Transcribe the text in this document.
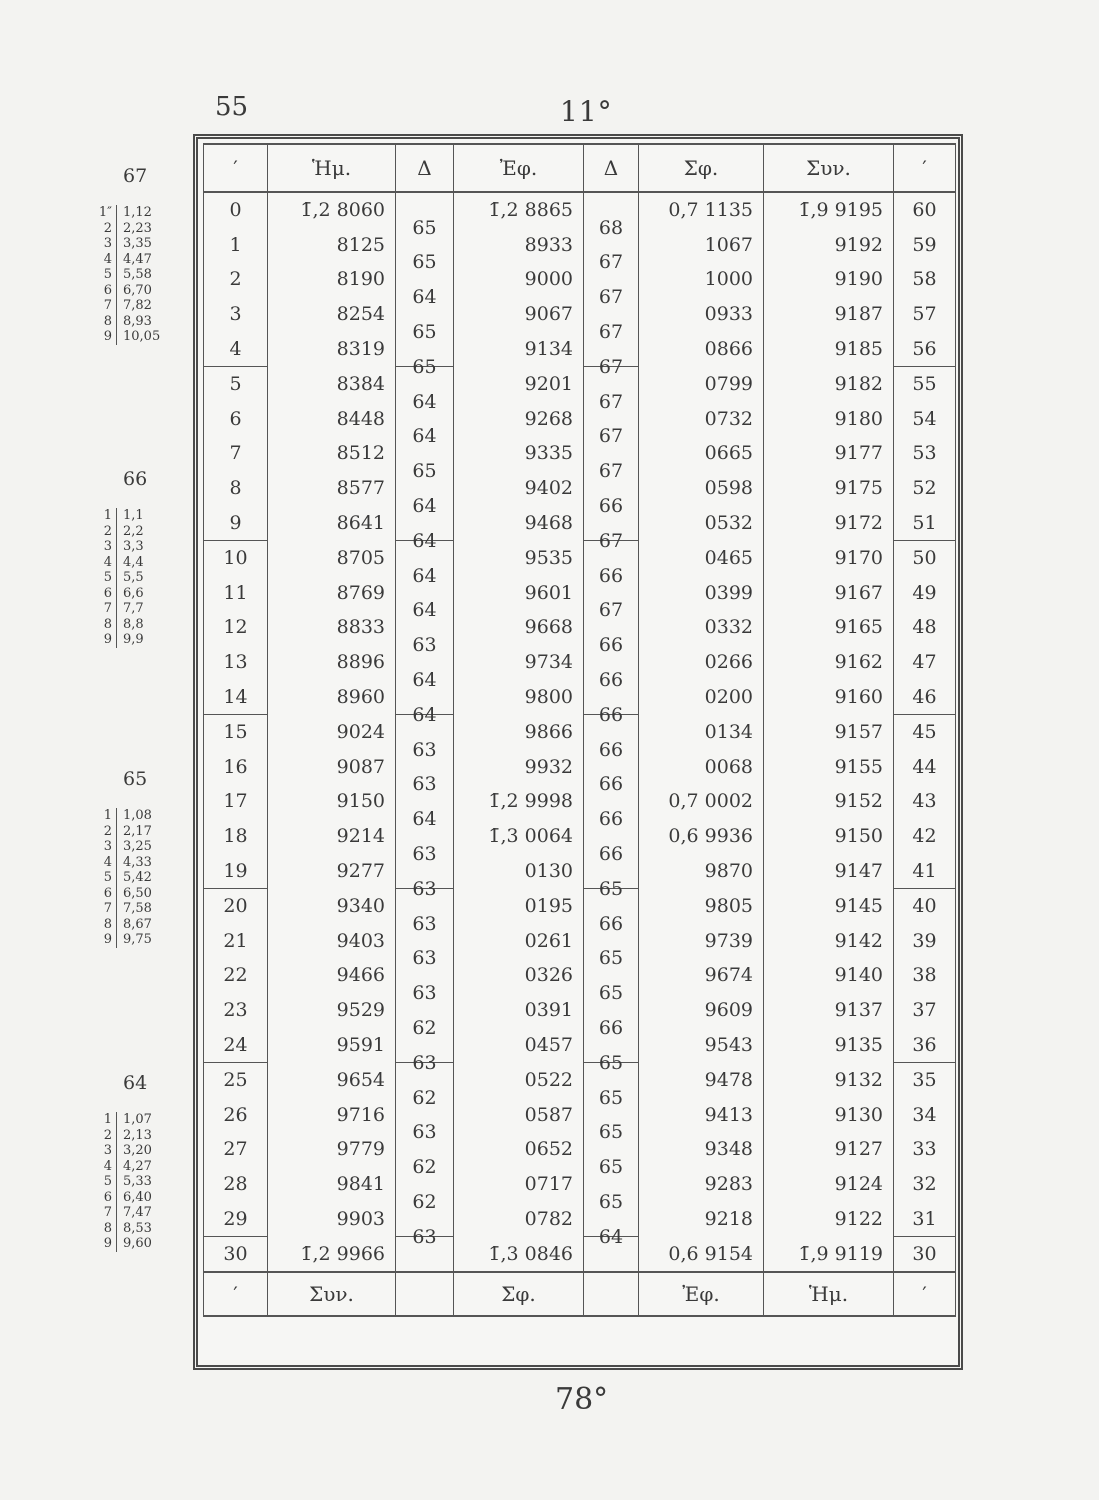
55	11°
67
1″ 1,12
2 2,23
3 3,35
4 4,47
5 5,58
6 6,70
7 7,82
8 8,93
9 10,05
66
1 1,1
2 2,2
3 3,3
4 4,4
5 5,5
6 6,6
7 7,7
8 8,8
9 9,9
65
1 1,08
2 2,17
3 3,25
4 4,33
5 5,42
6 6,50
7 7,58
8 8,67
9 9,75
64
1 1,07
2 2,13
3 3,20
4 4,27
5 5,33
6 6,40
7 7,47
8 8,53
9 9,60
′	Ἡμ.	Δ	Ἐφ.	Δ	Σφ.	Συν.	′
0	1̄,2 8060		1̄,2 8865		0,7 1135	1̄,9 9195	60
1	8125	65	8933	68	1067	9192	59
2	8190	65	9000	67	1000	9190	58
3	8254	64	9067	67	0933	9187	57
4	8319	65	9134	67	0866	9185	56
5	8384	65	9201	67	0799	9182	55
6	8448	64	9268	67	0732	9180	54
7	8512	64	9335	67	0665	9177	53
8	8577	65	9402	67	0598	9175	52
9	8641	64	9468	66	0532	9172	51
10	8705	64	9535	67	0465	9170	50
11	8769	64	9601	66	0399	9167	49
12	8833	64	9668	67	0332	9165	48
13	8896	63	9734	66	0266	9162	47
14	8960	64	9800	66	0200	9160	46
15	9024	64	9866	66	0134	9157	45
16	9087	63	9932	66	0068	9155	44
17	9150	63	1̄,2 9998	66	0,7 0002	9152	43
18	9214	64	1̄,3 0064	66	0,6 9936	9150	42
19	9277	63	0130	66	9870	9147	41
20	9340	63	0195	65	9805	9145	40
21	9403	63	0261	66	9739	9142	39
22	9466	63	0326	65	9674	9140	38
23	9529	63	0391	65	9609	9137	37
24	9591	62	0457	66	9543	9135	36
25	9654	63	0522	65	9478	9132	35
26	9716	62	0587	65	9413	9130	34
27	9779	63	0652	65	9348	9127	33
28	9841	62	0717	65	9283	9124	32
29	9903	62	0782	65	9218	9122	31
30	1̄,2 9966	63	1̄,3 0846	64	0,6 9154	1̄,9 9119	30
′	Συν.		Σφ.		Ἐφ.	Ἡμ.	′
78°
